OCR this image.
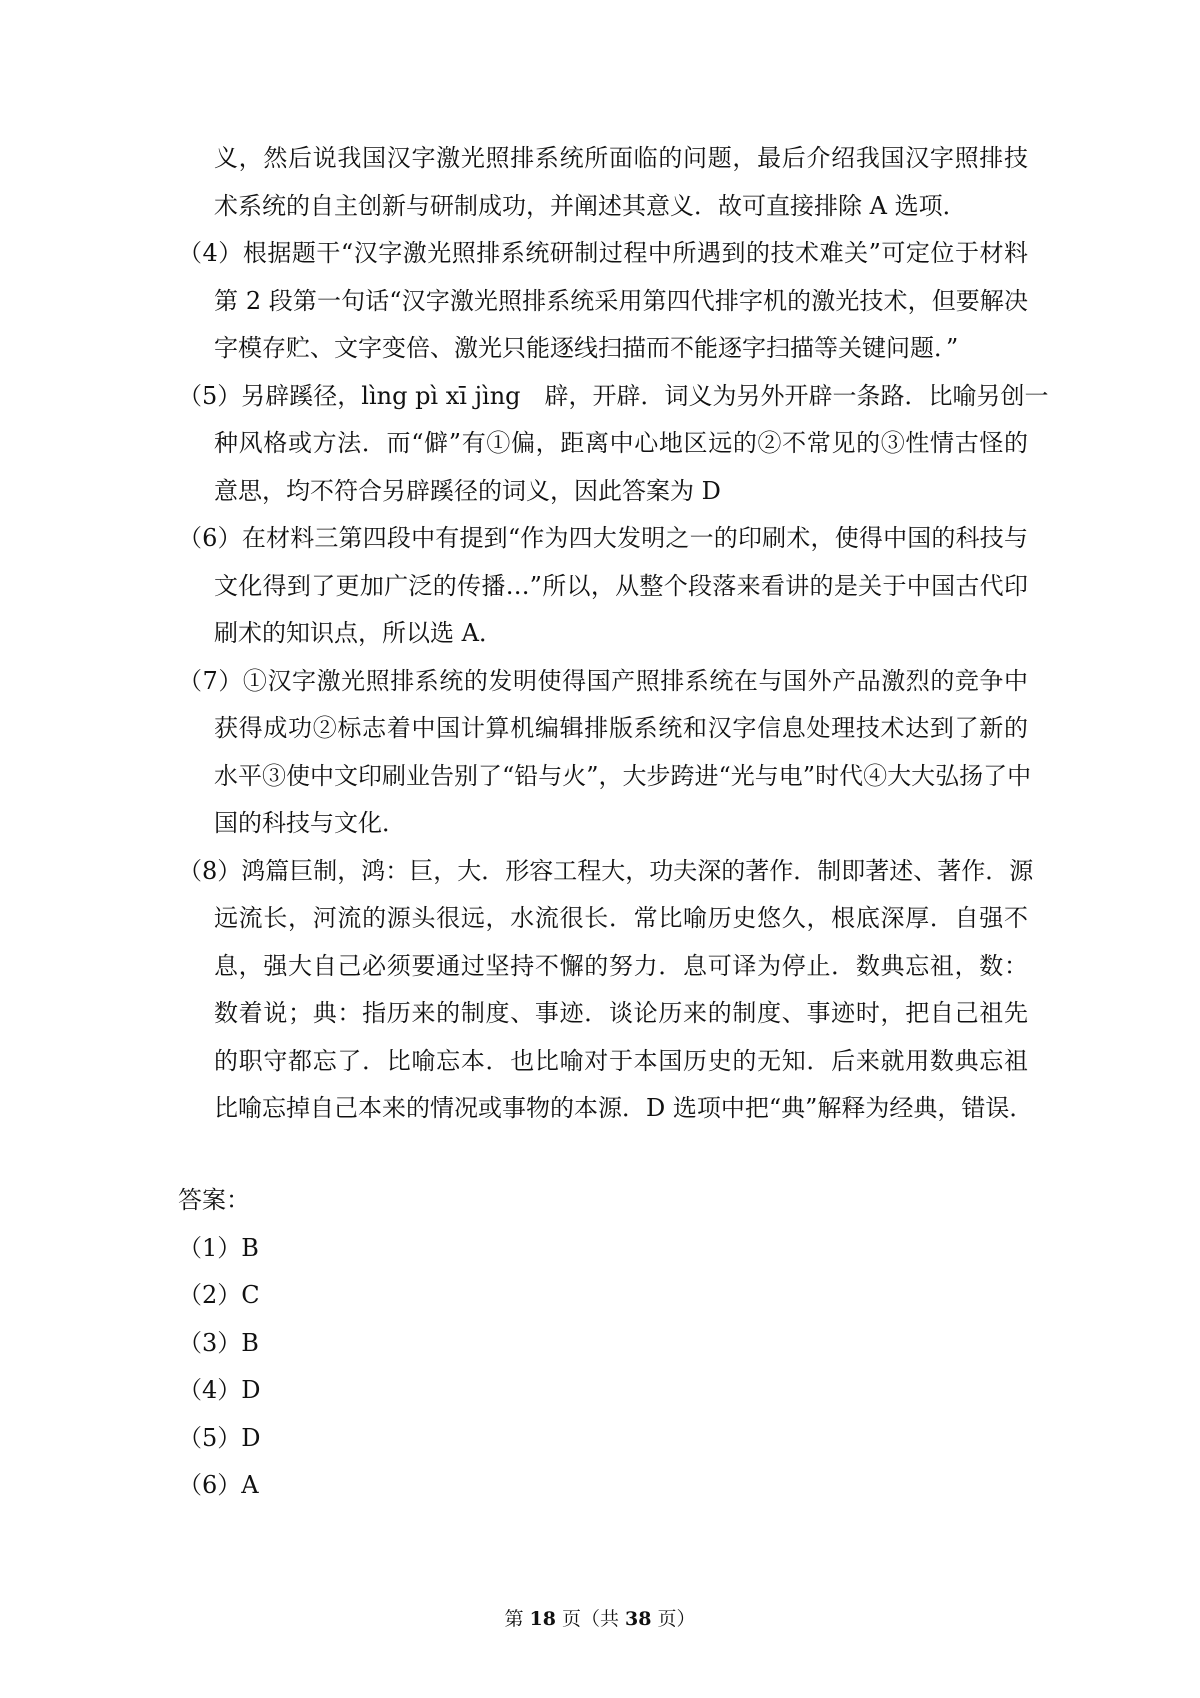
义，然后说我国汉字激光照排系统所面临的问题，最后介绍我国汉字照排技
术系统的自主创新与研制成功，并阐述其意义．故可直接排除 A 选项．
（4）根据题干“汉字激光照排系统研制过程中所遇到的技术难关”可定位于材料
第 2 段第一句话“汉字激光照排系统采用第四代排字机的激光技术，但要解决
字模存贮、文字变倍、激光只能逐线扫描而不能逐字扫描等关键问题．”
（5）另辟蹊径，lìng pì xī jìng　辟，开辟．词义为另外开辟一条路．比喻另创一
种风格或方法．而“僻”有①偏，距离中心地区远的②不常见的③性情古怪的
意思，均不符合另辟蹊径的词义，因此答案为 D
（6）在材料三第四段中有提到“作为四大发明之一的印刷术，使得中国的科技与
文化得到了更加广泛的传播…”所以，从整个段落来看讲的是关于中国古代印
刷术的知识点，所以选 A．
（7）①汉字激光照排系统的发明使得国产照排系统在与国外产品激烈的竞争中
获得成功②标志着中国计算机编辑排版系统和汉字信息处理技术达到了新的
水平③使中文印刷业告别了“铅与火”，大步跨进“光与电”时代④大大弘扬了中
国的科技与文化．
（8）鸿篇巨制，鸿：巨，大．形容工程大，功夫深的著作．制即著述、著作．源
远流长，河流的源头很远，水流很长．常比喻历史悠久，根底深厚．自强不
息，强大自己必须要通过坚持不懈的努力．息可译为停止．数典忘祖，数：
数着说；典：指历来的制度、事迹．谈论历来的制度、事迹时，把自己祖先
的职守都忘了．比喻忘本．也比喻对于本国历史的无知．后来就用数典忘祖
比喻忘掉自己本来的情况或事物的本源．D 选项中把“典”解释为经典，错误．
答案：
（1）B
（2）C
（3）B
（4）D
（5）D
（6）A
第 18 页（共 38 页）
